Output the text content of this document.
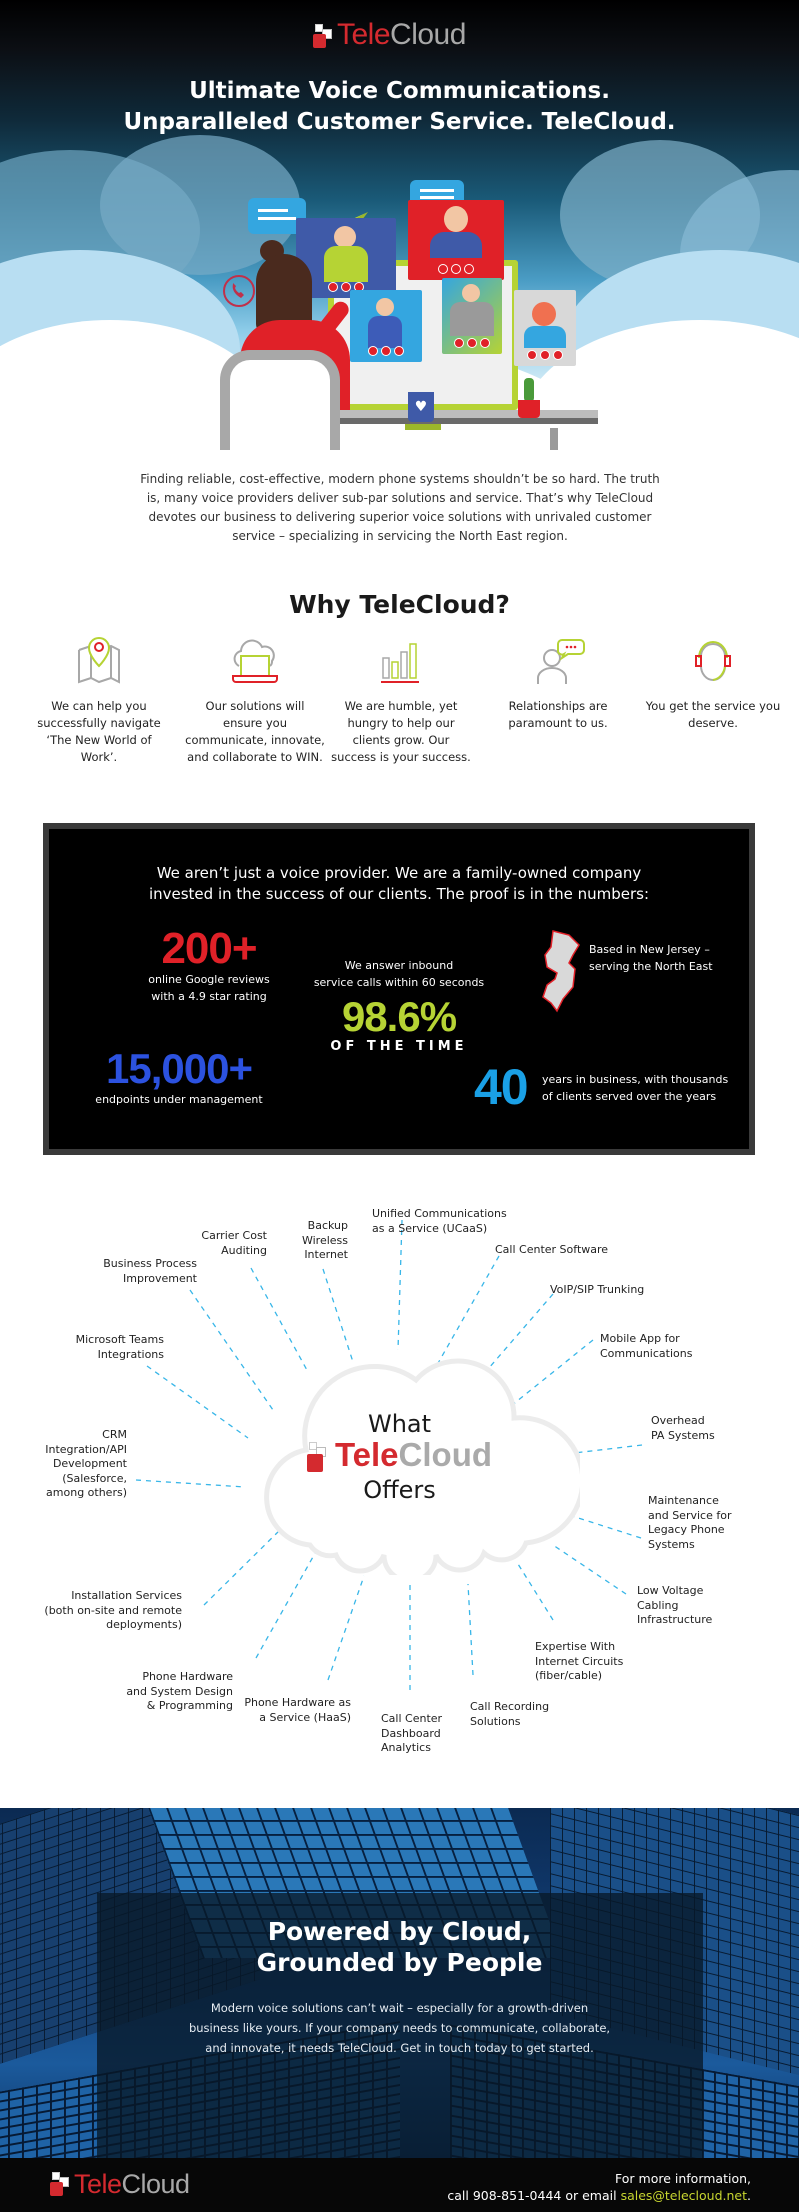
TeleCloud
Ultimate Voice Communications.
Unparalleled Customer Service. TeleCloud.
♥

Finding reliable, cost-effective, modern phone systems shouldn’t be so hard. The truth is, many voice providers deliver sub-par solutions and service. That’s why TeleCloud devotes our business to delivering superior voice solutions with unrivaled customer service – specializing in servicing the North East region.

Why TeleCloud?
We can help you successfully navigate ‘The New World of Work’.
Our solutions will ensure you communicate, innovate, and collaborate to WIN.
We are humble, yet hungry to help our clients grow. Our success is your success.
Relationships are paramount to us.
You get the service you deserve.
We aren’t just a voice provider. We are a family-owned company
invested in the success of our clients. The proof is in the numbers:
200+
online Google reviews
with a 4.9 star rating
We answer inbound
service calls within 60 seconds
98.6%
OF THE TIME
Based in New Jersey –
serving the North East
15,000+
endpoints under management	40 years in business, with thousands
of clients served over the years
What
Tele Cloud
Offers
Unified Communications
as a Service (UCaaS)
Call Center Software
VoIP/SIP Trunking
Mobile App for
Communications
Overhead
PA Systems
Maintenance
and Service for
Legacy Phone
Systems
Low Voltage
Cabling
Infrastructure
Expertise With
Internet Circuits
(fiber/cable)
Call Recording
Solutions
Call Center
Dashboard
Analytics
Phone Hardware as
a Service (HaaS)
Phone Hardware
and System Design
& Programming
Installation Services
(both on-site and remote
deployments)
CRM
Integration/API
Development
(Salesforce,
among others)
Microsoft Teams
Integrations
Business Process
Improvement
Carrier Cost
Auditing
Backup
Wireless
Internet
Powered by Cloud,
Grounded by People
Modern voice solutions can’t wait – especially for a growth-driven
business like yours. If your company needs to communicate, collaborate,
and innovate, it needs TeleCloud. Get in touch today to get started.
TeleCloud	For more information,
call 908-851-0444 or email sales@telecloud.net.
